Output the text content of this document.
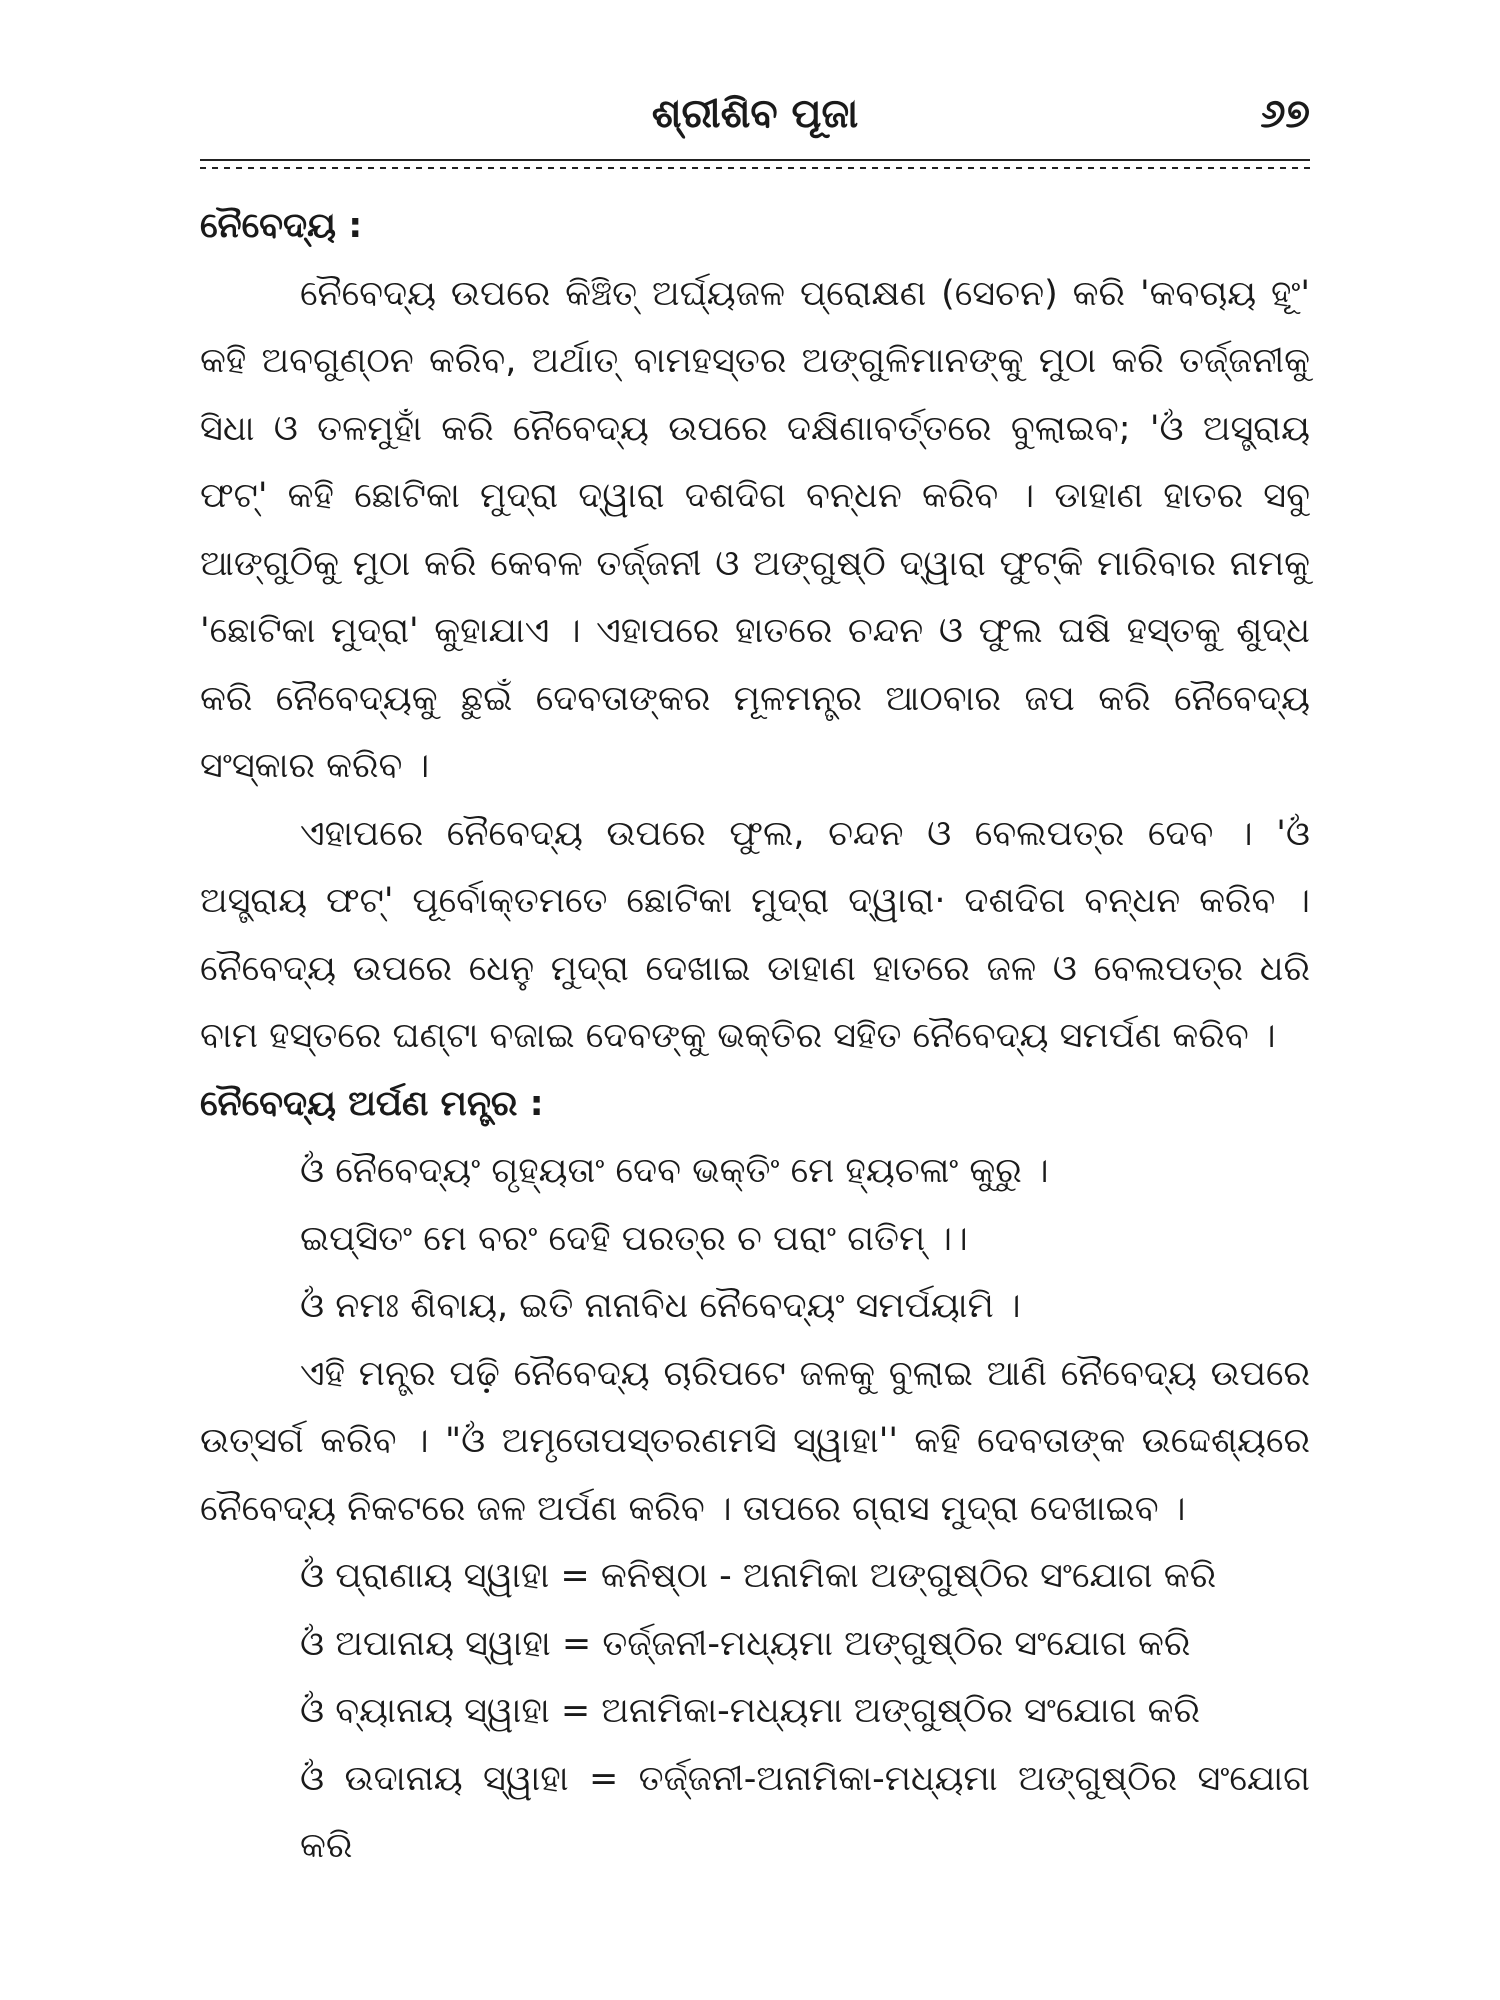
ଶ୍ରୀଶିବ ପୂଜା	୬୭

ନୈବେଦ୍ୟ :

ନୈବେଦ୍ୟ ଉପରେ କିଞ୍ଚିତ୍ ଅର୍ଘ୍ୟଜଳ ପ୍ରୋକ୍ଷଣ (ସେଚନ) କରି 'କବଚାୟ ହୂଂ' କହି ଅବଗୁଣ୍ଠନ କରିବ, ଅର୍ଥାତ୍ ବାମହସ୍ତର ଅଙ୍ଗୁଳିମାନଙ୍କୁ ମୁଠା କରି ତର୍ଜ୍ଜନୀକୁ ସିଧା ଓ ତଳମୁହାଁ କରି ନୈବେଦ୍ୟ ଉପରେ ଦକ୍ଷିଣାବର୍ତ୍ତରେ ବୁଲାଇବ; 'ଓଁ ଅସ୍ତ୍ରାୟ ଫଟ୍' କହି ଛୋଟିକା ମୁଦ୍ରା ଦ୍ୱାରା ଦଶଦିଗ ବନ୍ଧନ କରିବ । ଡାହାଣ ହାତର ସବୁ ଆଙ୍ଗୁଠିକୁ ମୁଠା କରି କେବଳ ତର୍ଜ୍ଜନୀ ଓ ଅଙ୍ଗୁଷ୍ଠି ଦ୍ୱାରା ଫୁଟ୍‌କି ମାରିବାର ନାମକୁ 'ଛୋଟିକା ମୁଦ୍ରା' କୁହାଯାଏ । ଏହାପରେ ହାତରେ ଚନ୍ଦନ ଓ ଫୁଲ ଘଷି ହସ୍ତକୁ ଶୁଦ୍ଧ କରି ନୈବେଦ୍ୟକୁ ଛୁଇଁ ଦେବତାଙ୍କର ମୂଳମନ୍ତ୍ର ଆଠବାର ଜପ କରି ନୈବେଦ୍ୟ ସଂସ୍କାର କରିବ ।

ଏହାପରେ ନୈବେଦ୍ୟ ଉପରେ ଫୁଲ, ଚନ୍ଦନ ଓ ବେଲପତ୍ର ଦେବ । 'ଓଁ ଅସ୍ତ୍ରାୟ ଫଟ୍' ପୂର୍ବୋକ୍ତମତେ ଛୋଟିକା ମୁଦ୍ରା ଦ୍ୱାରା· ଦଶଦିଗ ବନ୍ଧନ କରିବ । ନୈବେଦ୍ୟ ଉପରେ ଧେନୁ ମୁଦ୍ରା ଦେଖାଇ ଡାହାଣ ହାତରେ ଜଳ ଓ ବେଲପତ୍ର ଧରି ବାମ ହସ୍ତରେ ଘଣ୍ଟା ବଜାଇ ଦେବଙ୍କୁ ଭକ୍ତିର ସହିତ ନୈବେଦ୍ୟ ସମର୍ପଣ କରିବ ।

ନୈବେଦ୍ୟ ଅର୍ପଣ ମନ୍ତ୍ର :

ଓଁ ନୈବେଦ୍ୟଂ ଗୃହ୍ୟତାଂ ଦେବ ଭକ୍ତିଂ ମେ ହ୍ୟଚଳାଂ କୁରୁ ।

ଇପ୍‌ସିତଂ ମେ ବରଂ ଦେହି ପରତ୍ର ଚ ପରାଂ ଗତିମ୍ ।।

ଓଁ ନମଃ ଶିବାୟ, ଇତି ନାନାବିଧ ନୈବେଦ୍ୟଂ ସମର୍ପୟାମି ।

ଏହି ମନ୍ତ୍ର ପଢ଼ି ନୈବେଦ୍ୟ ଚାରିପଟେ ଜଳକୁ ବୁଲାଇ ଆଣି ନୈବେଦ୍ୟ ଉପରେ ଉତ୍ସର୍ଗ କରିବ । "ଓଁ ଅମୃତୋପସ୍ତରଣମସି ସ୍ୱାହା'' କହି ଦେବତାଙ୍କ ଉଦ୍ଦେଶ୍ୟରେ ନୈବେଦ୍ୟ ନିକଟରେ ଜଳ ଅର୍ପଣ କରିବ । ତାପରେ ଗ୍ରାସ ମୁଦ୍ରା ଦେଖାଇବ ।

ଓଁ ପ୍ରାଣାୟ ସ୍ୱାହା = କନିଷ୍ଠା - ଅନାମିକା ଅଙ୍ଗୁଷ୍ଠିର ସଂଯୋଗ କରି

ଓଁ ଅପାନାୟ ସ୍ୱାହା = ତର୍ଜ୍ଜନୀ-ମଧ୍ୟମା ଅଙ୍ଗୁଷ୍ଠିର ସଂଯୋଗ କରି

ଓଁ ବ୍ୟାନାୟ ସ୍ୱାହା = ଅନାମିକା-ମଧ୍ୟମା ଅଙ୍ଗୁଷ୍ଠିର ସଂଯୋଗ କରି

ଓଁ ଉଦାନାୟ ସ୍ୱାହା = ତର୍ଜ୍ଜନୀ-ଅନାମିକା-ମଧ୍ୟମା ଅଙ୍ଗୁଷ୍ଠିର ସଂଯୋଗ କରି
